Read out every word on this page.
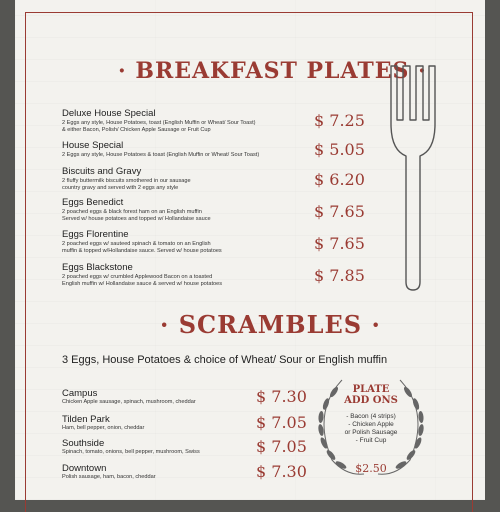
· BREAKFAST PLATES ·
Deluxe House Special
2 Eggs any style, House Potatoes, toast (English Muffin or Wheat/ Sour Toast)
& either Bacon, Polish/ Chicken Apple Sausage or Fruit Cup	$ 7.25
House Special
2 Eggs any style, House Potatoes & toast (English Muffin or Wheat/ Sour Toast)	$ 5.05
Biscuits and Gravy
2 fluffy buttermilk biscuits smothered in our sausage
country gravy and served with 2 eggs any style	$ 6.20
Eggs Benedict
2 poached eggs & black forest ham on an English muffin
Served w/ house potatoes and topped w/ Hollandaise sauce	$ 7.65
Eggs Florentine
2 poached eggs w/ sauteed spinach & tomato on an English
muffin & topped w/Hollandaise sauce. Served w/ house potatoes	$ 7.65
Eggs Blackstone
2 poached eggs w/ crumbled Applewood Bacon on a toasted
English muffin w/ Hollandaise sauce & served w/ house potatoes	$ 7.85
· SCRAMBLES ·
3 Eggs, House Potatoes & choice of Wheat/ Sour or English muffin
Campus
Chicken Apple sausage, spinach, mushroom, cheddar	$ 7.30
Tilden Park
Ham, bell pepper, onion, cheddar	$ 7.05
Southside
Spinach, tomato, onions, bell pepper, mushroom, Swiss	$ 7.05
Downtown
Polish sausage, ham, bacon, cheddar	$ 7.30
PLATE
ADD ONS
- Bacon (4 strips)
- Chicken Apple
or Polish Sausage
- Fruit Cup
$2.50
